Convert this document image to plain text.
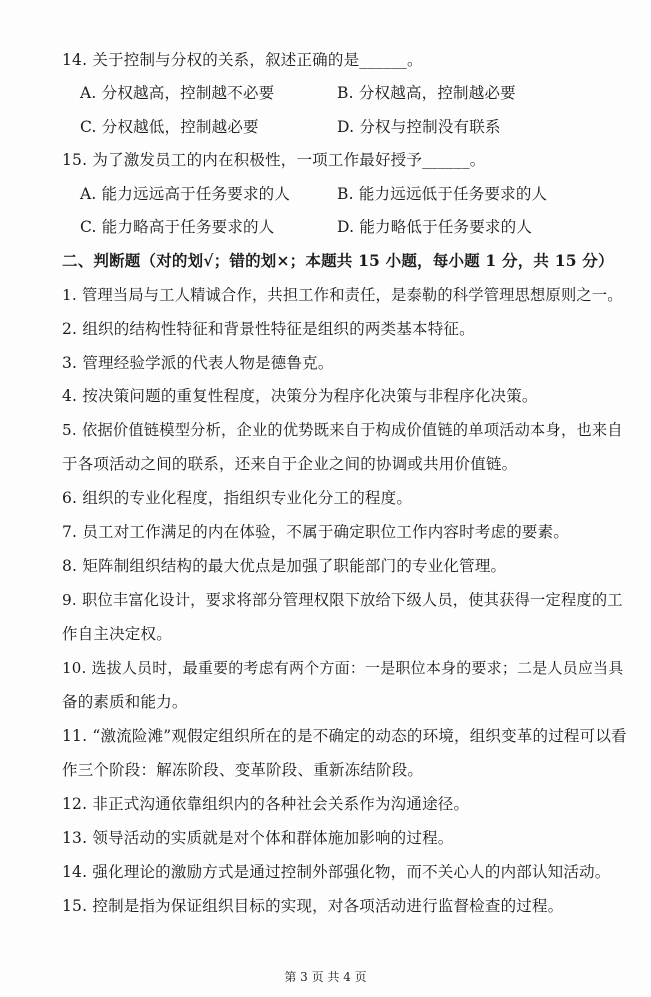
14. 关于控制与分权的关系，叙述正确的是______。
A. 分权越高，控制越不必要	B. 分权越高，控制越必要
C. 分权越低，控制越必要	D. 分权与控制没有联系
15. 为了激发员工的内在积极性，一项工作最好授予______。
A. 能力远远高于任务要求的人	B. 能力远远低于任务要求的人
C. 能力略高于任务要求的人	D. 能力略低于任务要求的人
二、判断题（对的划√；错的划×；本题共 15 小题，每小题 1 分，共 15 分）
1. 管理当局与工人精诚合作，共担工作和责任，是泰勒的科学管理思想原则之一。
2. 组织的结构性特征和背景性特征是组织的两类基本特征。
3. 管理经验学派的代表人物是德鲁克。
4. 按决策问题的重复性程度，决策分为程序化决策与非程序化决策。
5. 依据价值链模型分析，企业的优势既来自于构成价值链的单项活动本身，也来自
于各项活动之间的联系，还来自于企业之间的协调或共用价值链。
6. 组织的专业化程度，指组织专业化分工的程度。
7. 员工对工作满足的内在体验，不属于确定职位工作内容时考虑的要素。
8. 矩阵制组织结构的最大优点是加强了职能部门的专业化管理。
9. 职位丰富化设计，要求将部分管理权限下放给下级人员，使其获得一定程度的工
作自主决定权。
10. 选拔人员时，最重要的考虑有两个方面：一是职位本身的要求；二是人员应当具
备的素质和能力。
11. “激流险滩”观假定组织所在的是不确定的动态的环境，组织变革的过程可以看
作三个阶段：解冻阶段、变革阶段、重新冻结阶段。
12. 非正式沟通依靠组织内的各种社会关系作为沟通途径。
13. 领导活动的实质就是对个体和群体施加影响的过程。
14. 强化理论的激励方式是通过控制外部强化物，而不关心人的内部认知活动。
15. 控制是指为保证组织目标的实现，对各项活动进行监督检查的过程。
第 3 页 共 4 页
